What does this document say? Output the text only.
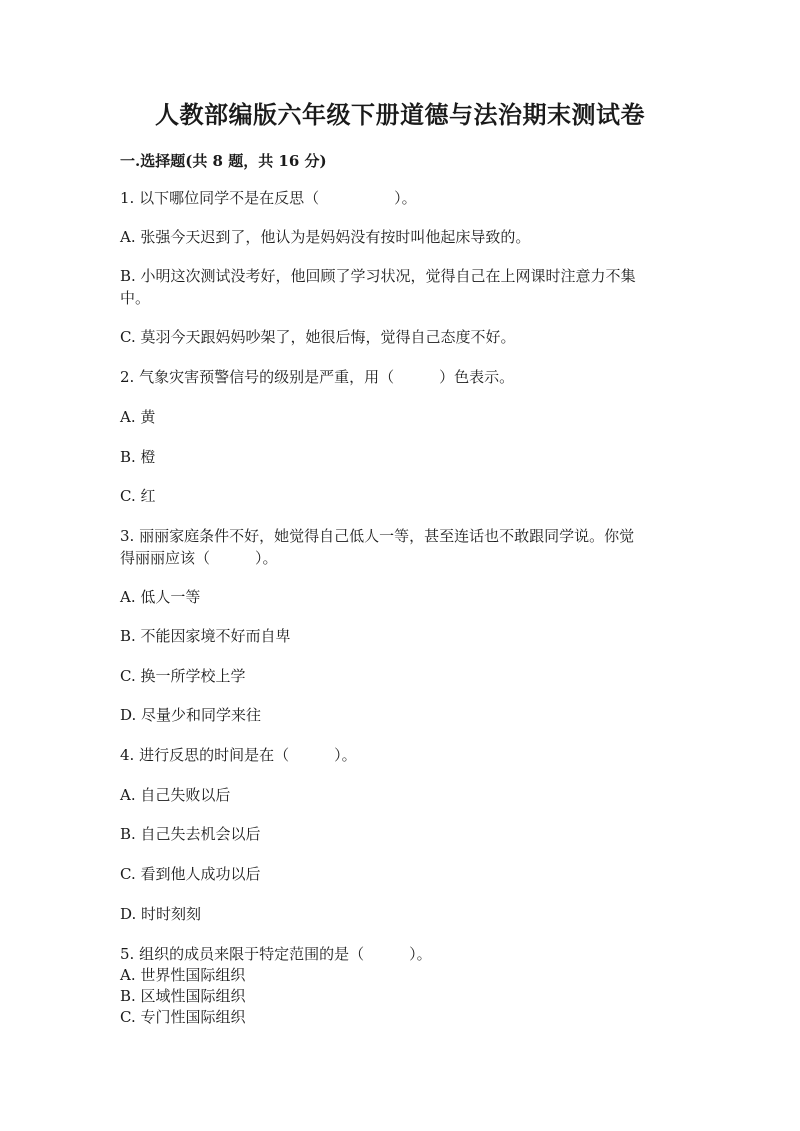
人教部编版六年级下册道德与法治期末测试卷
一.选择题(共 8 题，共 16 分)
1. 以下哪位同学不是在反思（　　　　　）。
A. 张强今天迟到了，他认为是妈妈没有按时叫他起床导致的。
B. 小明这次测试没考好，他回顾了学习状况，觉得自己在上网课时注意力不集
中。
C. 莫羽今天跟妈妈吵架了，她很后悔，觉得自己态度不好。
2. 气象灾害预警信号的级别是严重，用（　　　）色表示。
A. 黄
B. 橙
C. 红
3. 丽丽家庭条件不好，她觉得自己低人一等，甚至连话也不敢跟同学说。你觉
得丽丽应该（　　　）。
A. 低人一等
B. 不能因家境不好而自卑
C. 换一所学校上学
D. 尽量少和同学来往
4. 进行反思的时间是在（　　　）。
A. 自己失败以后
B. 自己失去机会以后
C. 看到他人成功以后
D. 时时刻刻
5. 组织的成员来限于特定范围的是（　　　）。
A. 世界性国际组织
B. 区域性国际组织
C. 专门性国际组织
